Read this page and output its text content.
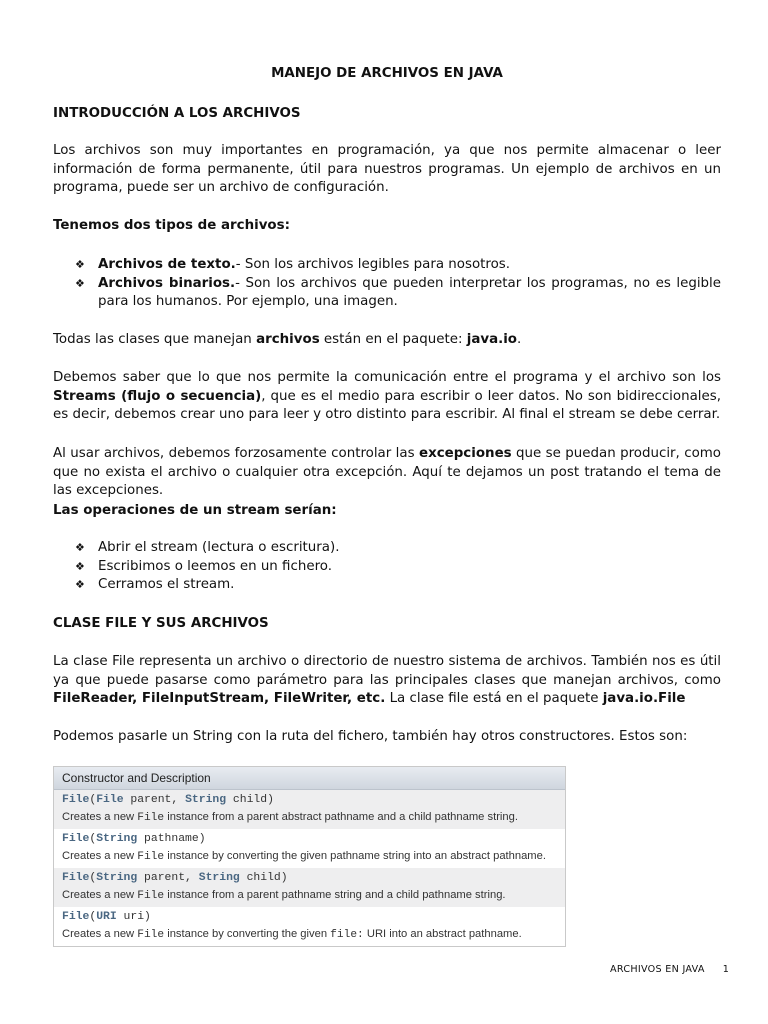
MANEJO DE ARCHIVOS EN JAVA
INTRODUCCIÓN A LOS ARCHIVOS
Los archivos son muy importantes en programación, ya que nos permite almacenar o leer información de forma permanente, útil para nuestros programas. Un ejemplo de archivos en un programa, puede ser un archivo de configuración.
Tenemos dos tipos de archivos:
❖ Archivos de texto.- Son los archivos legibles para nosotros.
❖ Archivos binarios.- Son los archivos que pueden interpretar los programas, no es legible para los humanos. Por ejemplo, una imagen.
Todas las clases que manejan archivos están en el paquete: java.io.
Debemos saber que lo que nos permite la comunicación entre el programa y el archivo son los Streams (flujo o secuencia), que es el medio para escribir o leer datos. No son bidireccionales, es decir, debemos crear uno para leer y otro distinto para escribir. Al final el stream se debe cerrar.
Al usar archivos, debemos forzosamente controlar las excepciones que se puedan producir, como que no exista el archivo o cualquier otra excepción. Aquí te dejamos un post tratando el tema de las excepciones.
Las operaciones de un stream serían:
❖ Abrir el stream (lectura o escritura).
❖ Escribimos o leemos en un fichero.
❖ Cerramos el stream.
CLASE FILE Y SUS ARCHIVOS
La clase File representa un archivo o directorio de nuestro sistema de archivos. También nos es útil ya que puede pasarse como parámetro para las principales clases que manejan archivos, como FileReader, FileInputStream, FileWriter, etc. La clase file está en el paquete java.io.File
Podemos pasarle un String con la ruta del fichero, también hay otros constructores. Estos son:
Constructor and Description
File(File parent, String child)
Creates a new File instance from a parent abstract pathname and a child pathname string.
File(String pathname)
Creates a new File instance by converting the given pathname string into an abstract pathname.
File(String parent, String child)
Creates a new File instance from a parent pathname string and a child pathname string.
File(URI uri)
Creates a new File instance by converting the given file: URI into an abstract pathname.
ARCHIVOS EN JAVA 1
